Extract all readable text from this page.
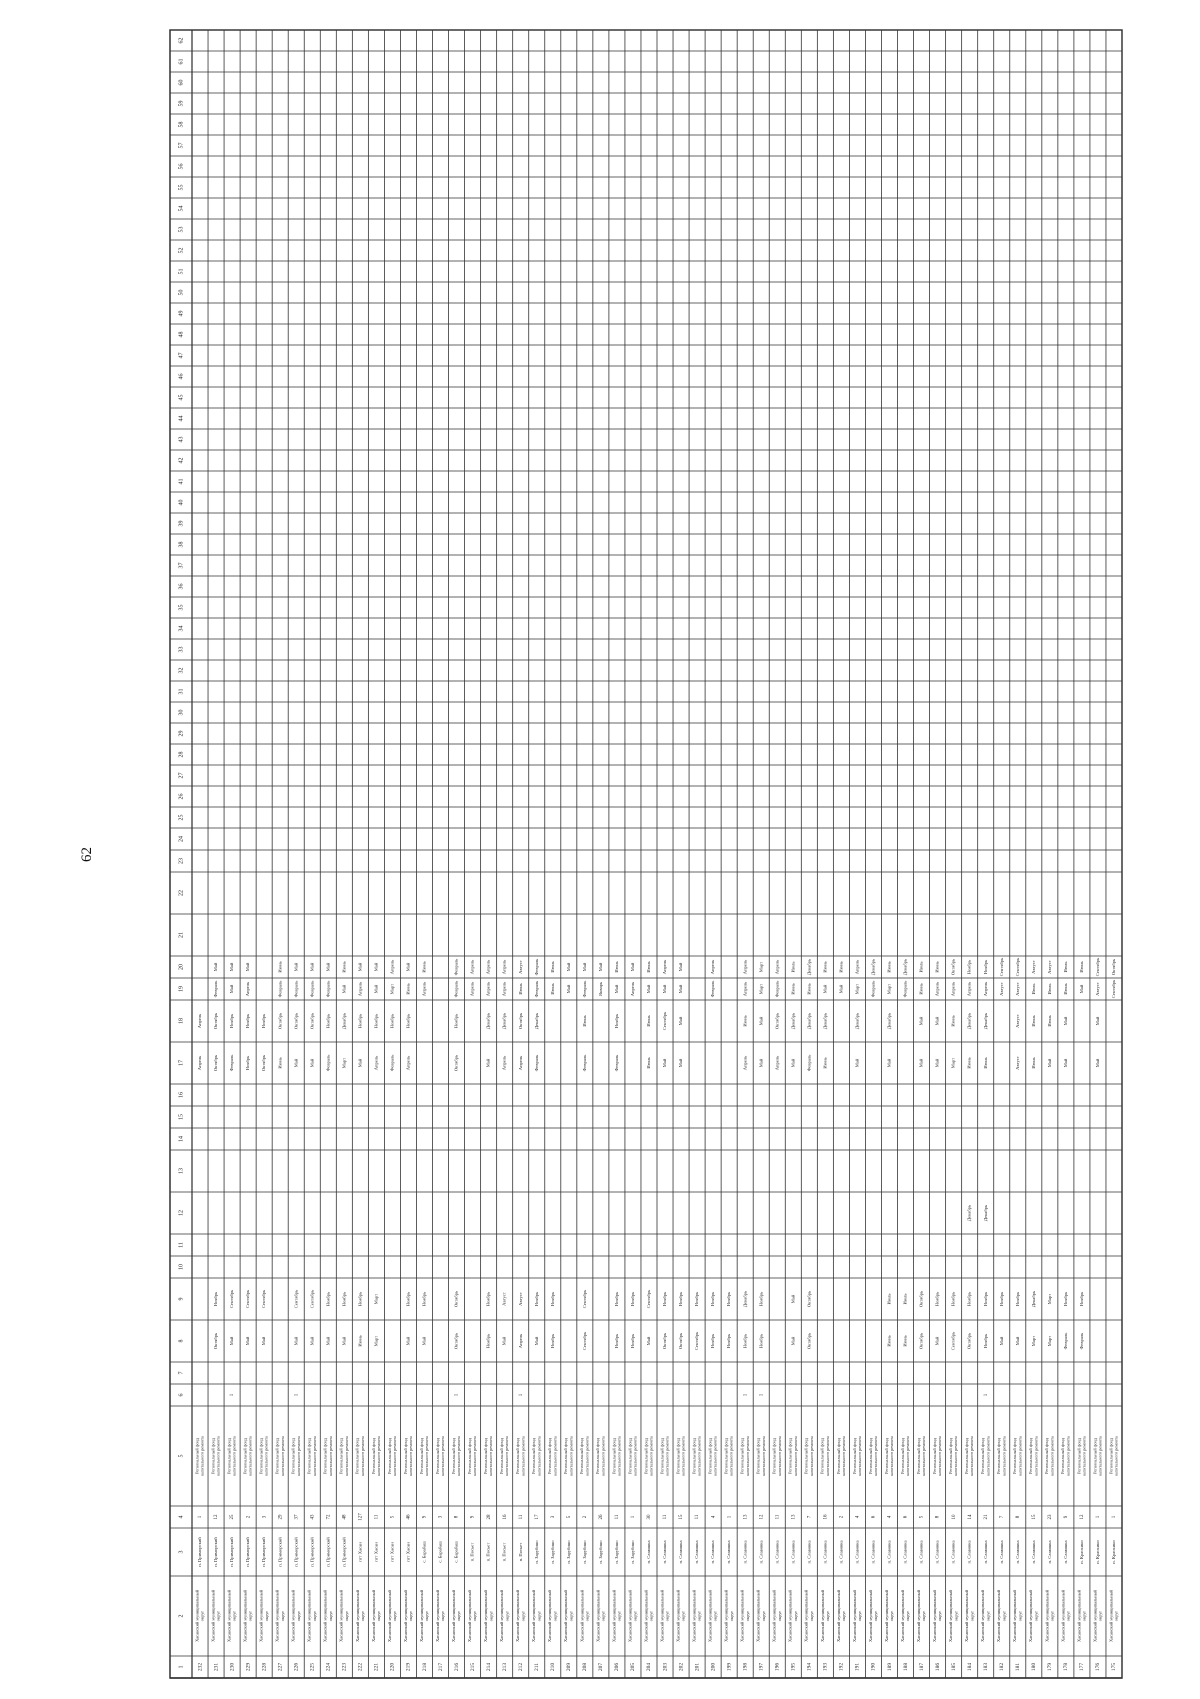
62
1
2
3
4
5
6
7
8
9
10
11
12
13
14
15
16
17
18
19
20
21
22
23
24
25
26
27
28
29
30
31
32
33
34
35
36
37
38
39
40
41
42
43
44
45
46
47
48
49
50
51
52
53
54
55
56
57
58
59
60
61
62
175
Хасанский муниципальный округ
п. Краскино
1
Региональный фонд капитального ремонта
Сентябрь
Октябрь
176
Хасанский муниципальный округ
п. Краскино
1
Региональный фонд капитального ремонта
Май
Май
Август
Сентябрь
177
Хасанский муниципальный округ
п. Краскино
12
Региональный фонд капитального ремонта
Февраль
Ноябрь
Май
Июнь
178
Хасанский муниципальный округ
п. Славянка
9
Региональный фонд капитального ремонта
Февраль
Ноябрь
Май
Май
Июнь
Июль
179
Хасанский муниципальный округ
п. Славянка
23
Региональный фонд капитального ремонта
Март
Март
Май
Июнь
Июль
Август
180
Хасанский муниципальный округ
п. Славянка
15
Региональный фонд капитального ремонта
Март
Декабрь
Июнь
Июнь
Июль
Август
181
Хасанский муниципальный округ
п. Славянка
8
Региональный фонд капитального ремонта
Май
Ноябрь
Август
Август
Август
Сентябрь
182
Хасанский муниципальный округ
п. Славянка
7
Региональный фонд капитального ремонта
Май
Ноябрь
Август
Сентябрь
183
Хасанский муниципальный округ
п. Славянка
21
Региональный фонд капитального ремонта
1
Ноябрь
Ноябрь
Декабрь
Июнь
Декабрь
Апрель
Ноябрь
184
Хасанский муниципальный округ
п. Славянка
14
Региональный фонд капитального ремонта
Октябрь
Ноябрь
Декабрь
Июнь
Декабрь
Апрель
Ноябрь
185
Хасанский муниципальный округ
п. Славянка
10
Региональный фонд капитального ремонта
Сентябрь
Ноябрь
Март
Июнь
Апрель
Октябрь
186
Хасанский муниципальный округ
п. Славянка
8
Региональный фонд капитального ремонта
Май
Ноябрь
Май
Май
Апрель
Июнь
187
Хасанский муниципальный округ
п. Славянка
5
Региональный фонд капитального ремонта
Октябрь
Октябрь
Май
Май
Июнь
Июль
188
Хасанский муниципальный округ
п. Славянка
6
Региональный фонд капитального ремонта
Июнь
Июль
Февраль
Декабрь
189
Хасанский муниципальный округ
п. Славянка
4
Региональный фонд капитального ремонта
Июнь
Июль
Май
Декабрь
Март
Июнь
190
Хасанский муниципальный округ
п. Славянка
6
Региональный фонд капитального ремонта
Февраль
Декабрь
191
Хасанский муниципальный округ
п. Славянка
4
Региональный фонд капитального ремонта
Май
Декабрь
Март
Апрель
192
Хасанский муниципальный округ
п. Славянка
2
Региональный фонд капитального ремонта
Май
Июнь
193
Хасанский муниципальный округ
п. Славянка
16
Региональный фонд капитального ремонта
Июнь
Декабрь
Май
Июнь
194
Хасанский муниципальный округ
п. Славянка
7
Региональный фонд капитального ремонта
Октябрь
Октябрь
Февраль
Декабрь
Июнь
Декабрь
195
Хасанский муниципальный округ
п. Славянка
13
Региональный фонд капитального ремонта
Май
Май
Май
Декабрь
Июнь
Июль
196
Хасанский муниципальный округ
п. Славянка
11
Региональный фонд капитального ремонта
Апрель
Октябрь
Февраль
Апрель
197
Хасанский муниципальный округ
п. Славянка
12
Региональный фонд капитального ремонта
1
Ноябрь
Ноябрь
Май
Май
Март
Март
198
Хасанский муниципальный округ
п. Славянка
13
Региональный фонд капитального ремонта
1
Ноябрь
Декабрь
Апрель
Июнь
Апрель
Апрель
199
Хасанский муниципальный округ
п. Славянка
1
Региональный фонд капитального ремонта
Ноябрь
Ноябрь
200
Хасанский муниципальный округ
п. Славянка
4
Региональный фонд капитального ремонта
Ноябрь
Ноябрь
Февраль
Апрель
201
Хасанский муниципальный округ
п. Славянка
11
Региональный фонд капитального ремонта
Сентябрь
Ноябрь
202
Хасанский муниципальный округ
п. Славянка
15
Региональный фонд капитального ремонта
Октябрь
Ноябрь
Май
Май
Май
Май
203
Хасанский муниципальный округ
п. Славянка
11
Региональный фонд капитального ремонта
Октябрь
Ноябрь
Май
Сентябрь
Май
Апрель
204
Хасанский муниципальный округ
п. Славянка
30
Региональный фонд капитального ремонта
Май
Сентябрь
Июнь
Июнь
Май
Июнь
205
Хасанский муниципальный округ
п. Зарубино
1
Региональный фонд капитального ремонта
Ноябрь
Ноябрь
Апрель
Май
206
Хасанский муниципальный округ
п. Зарубино
11
Региональный фонд капитального ремонта
Ноябрь
Ноябрь
Февраль
Ноябрь
Май
Июнь
207
Хасанский муниципальный округ
п. Зарубино
26
Региональный фонд капитального ремонта
Январь
Май
208
Хасанский муниципальный округ
п. Зарубино
2
Региональный фонд капитального ремонта
Сентябрь
Сентябрь
Февраль
Июнь
Февраль
Май
209
Хасанский муниципальный округ
п. Зарубино
5
Региональный фонд капитального ремонта
Май
Май
210
Хасанский муниципальный округ
п. Зарубино
3
Региональный фонд капитального ремонта
Ноябрь
Ноябрь
Июнь
Июнь
211
Хасанский муниципальный округ
п. Зарубино
17
Региональный фонд капитального ремонта
Май
Ноябрь
Февраль
Декабрь
Февраль
Февраль
212
Хасанский муниципальный округ
п. Посьет
11
Региональный фонд капитального ремонта
1
Апрель
Август
Апрель
Октябрь
Июнь
Август
213
Хасанский муниципальный округ
п. Посьет
16
Региональный фонд капитального ремонта
Май
Август
Апрель
Декабрь
Апрель
Апрель
214
Хасанский муниципальный округ
п. Посьет
28
Региональный фонд капитального ремонта
Ноябрь
Ноябрь
Май
Декабрь
Апрель
Апрель
215
Хасанский муниципальный округ
п. Посьет
9
Региональный фонд капитального ремонта
Апрель
Апрель
216
Хасанский муниципальный округ
с. Барабаш
8
Региональный фонд капитального ремонта
1
Октябрь
Октябрь
Октябрь
Ноябрь
Февраль
Февраль
217
Хасанский муниципальный округ
с. Барабаш
3
Региональный фонд капитального ремонта
218
Хасанский муниципальный округ
с. Барабаш
9
Региональный фонд капитального ремонта
Май
Ноябрь
Апрель
Июнь
219
Хасанский муниципальный округ
пгт Хасан
46
Региональный фонд капитального ремонта
Май
Ноябрь
Апрель
Ноябрь
Июнь
Май
220
Хасанский муниципальный округ
пгт Хасан
5
Региональный фонд капитального ремонта
Февраль
Ноябрь
Март
Апрель
221
Хасанский муниципальный округ
пгт Хасан
11
Региональный фонд капитального ремонта
Март
Март
Апрель
Ноябрь
Май
Май
222
Хасанский муниципальный округ
пгт Хасан
127
Региональный фонд капитального ремонта
Июнь
Ноябрь
Май
Ноябрь
Апрель
Май
223
Хасанский муниципальный округ
п. Приморский
48
Региональный фонд капитального ремонта
Май
Ноябрь
Март
Декабрь
Май
Июнь
224
Хасанский муниципальный округ
п. Приморский
72
Региональный фонд капитального ремонта
Май
Ноябрь
Февраль
Ноябрь
Февраль
Май
225
Хасанский муниципальный округ
п. Приморский
43
Региональный фонд капитального ремонта
Май
Сентябрь
Май
Октябрь
Февраль
Май
226
Хасанский муниципальный округ
п. Приморский
37
Региональный фонд капитального ремонта
1
Май
Сентябрь
Май
Октябрь
Февраль
Май
227
Хасанский муниципальный округ
п. Приморский
29
Региональный фонд капитального ремонта
Июнь
Октябрь
Февраль
Июнь
228
Хасанский муниципальный округ
п. Приморский
3
Региональный фонд капитального ремонта
Май
Сентябрь
Октябрь
Ноябрь
229
Хасанский муниципальный округ
п. Приморский
2
Региональный фонд капитального ремонта
Май
Сентябрь
Ноябрь
Ноябрь
Апрель
Май
230
Хасанский муниципальный округ
п. Приморский
25
Региональный фонд капитального ремонта
1
Май
Сентябрь
Февраль
Ноябрь
Май
Май
231
Хасанский муниципальный округ
п. Приморский
12
Региональный фонд капитального ремонта
Октябрь
Ноябрь
Октябрь
Октябрь
Февраль
Май
232
Хасанский муниципальный округ
п. Приморский
1
Региональный фонд капитального ремонта
Апрель
Апрель
